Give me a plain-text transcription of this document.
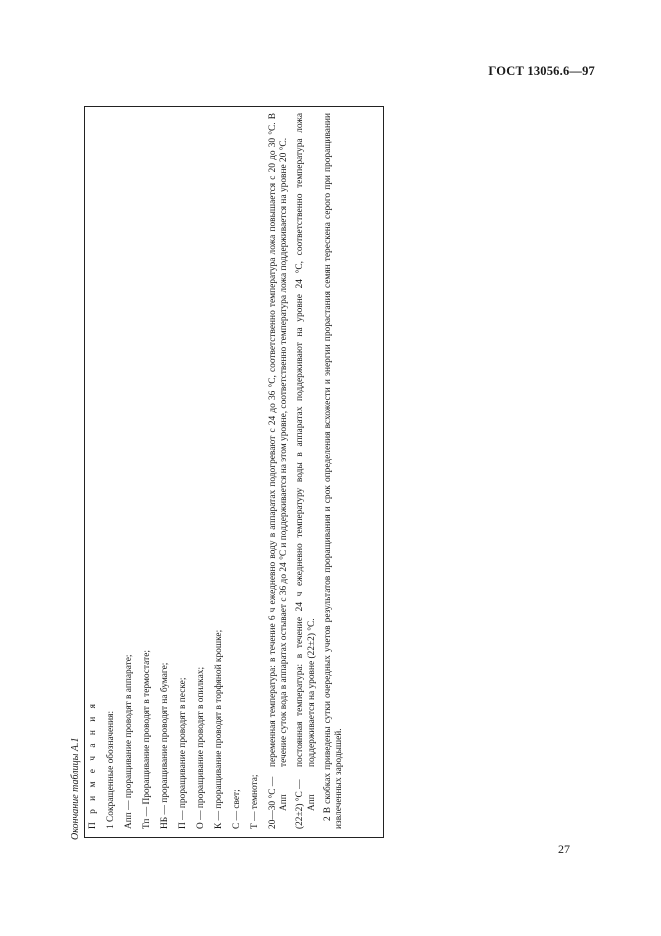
ГОСТ 13056.6—97
Окончание таблицы А.1 П р и м е ч а н и я 1 Сокращенные обозначения: Апп — проращивание проводят в аппарате; Тп — Проращивание проводят в термостате; НБ — проращивание проводят на бумаге; П — проращивание проводят в песке; О — проращивание проводят в опилках; К — проращивание проводят в торфяной крошке; С — свет; Т — темнота; 20—30 °С — Апп
переменная температура: в течение 6 ч ежедневно воду в аппаратах подогревают с 24 до 36 °С, соответственно температура ложа повышается с 20 до 30 °С. В течение суток вода в аппаратах остывает с 36 до 24 °С и поддерживается на этом уровне, соответственно температура ложа поддерживается на уровне 20 °С.
(22±2) °С — Апп
постоянная температура: в течение 24 ч ежедневно температуру воды в аппаратах поддерживают на уровне 24 °С, соответственно температура ложа поддерживается на уровне (22±2) °С. 2 В скобках приведены сутки очередных учетов результатов проращивания и срок определения всхожести и энергии прорастания семян терескена серого при проращивании извлеченных зародышей.
27
